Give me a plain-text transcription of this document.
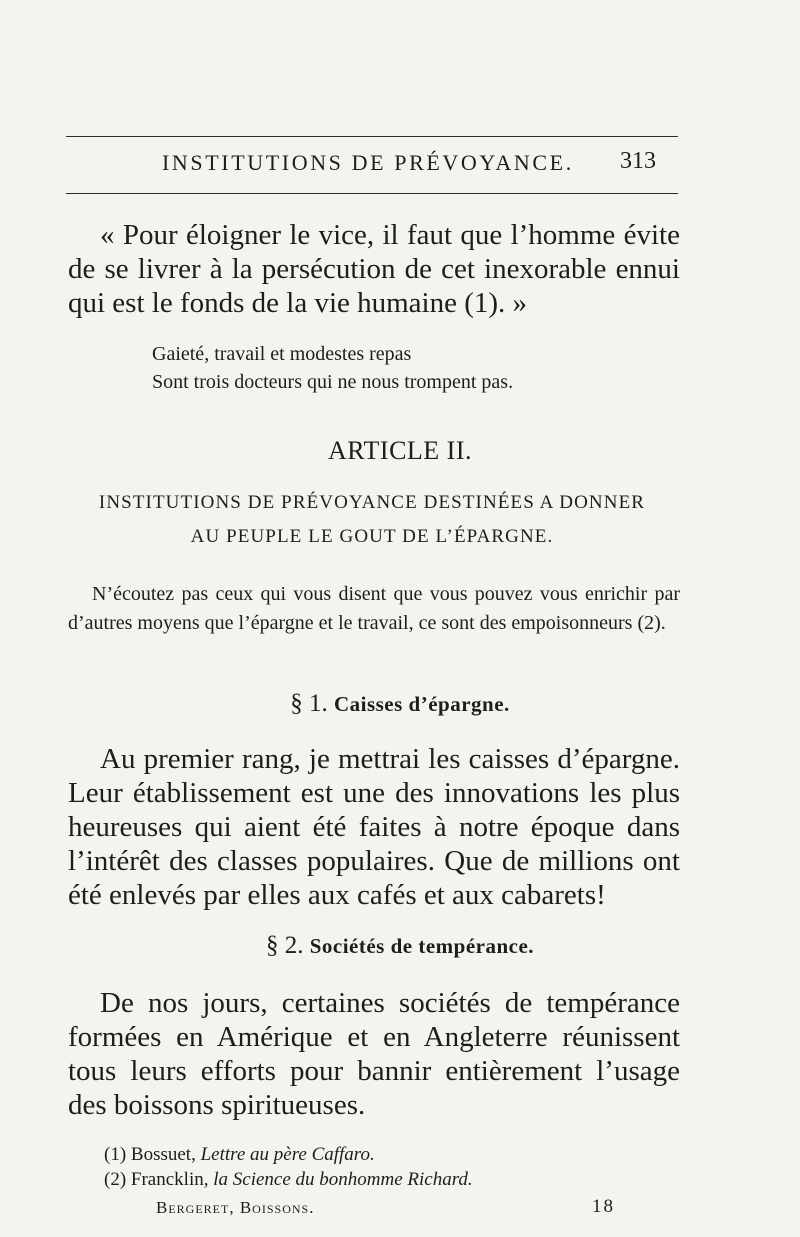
INSTITUTIONS DE PRÉVOYANCE. 313

« Pour éloigner le vice, il faut que l’homme évite de se livrer à la persécution de cet inexorable ennui qui est le fonds de la vie humaine (1). »

Gaieté, travail et modestes repas
Sont trois docteurs qui ne nous trompent pas.
ARTICLE II.
INSTITUTIONS DE PRÉVOYANCE DESTINÉES A DONNER
AU PEUPLE LE GOUT DE L’ÉPARGNE.
N’écoutez pas ceux qui vous disent que vous pouvez vous enrichir par d’autres moyens que l’épargne et le travail, ce sont des empoisonneurs (2).
§ 1. Caisses d’épargne.
Au premier rang, je mettrai les caisses d’épargne. Leur établissement est une des innovations les plus heureuses qui aient été faites à notre époque dans l’intérêt des classes populaires. Que de millions ont été enlevés par elles aux cafés et aux cabarets!
§ 2. Sociétés de tempérance.
De nos jours, certaines sociétés de tempérance formées en Amérique et en Angleterre réunissent tous leurs efforts pour bannir entièrement l’usage des boissons spiritueuses.
(1) Bossuet, Lettre au père Caffaro.
(2) Francklin, la Science du bonhomme Richard.
Bergeret, Boissons.	18
